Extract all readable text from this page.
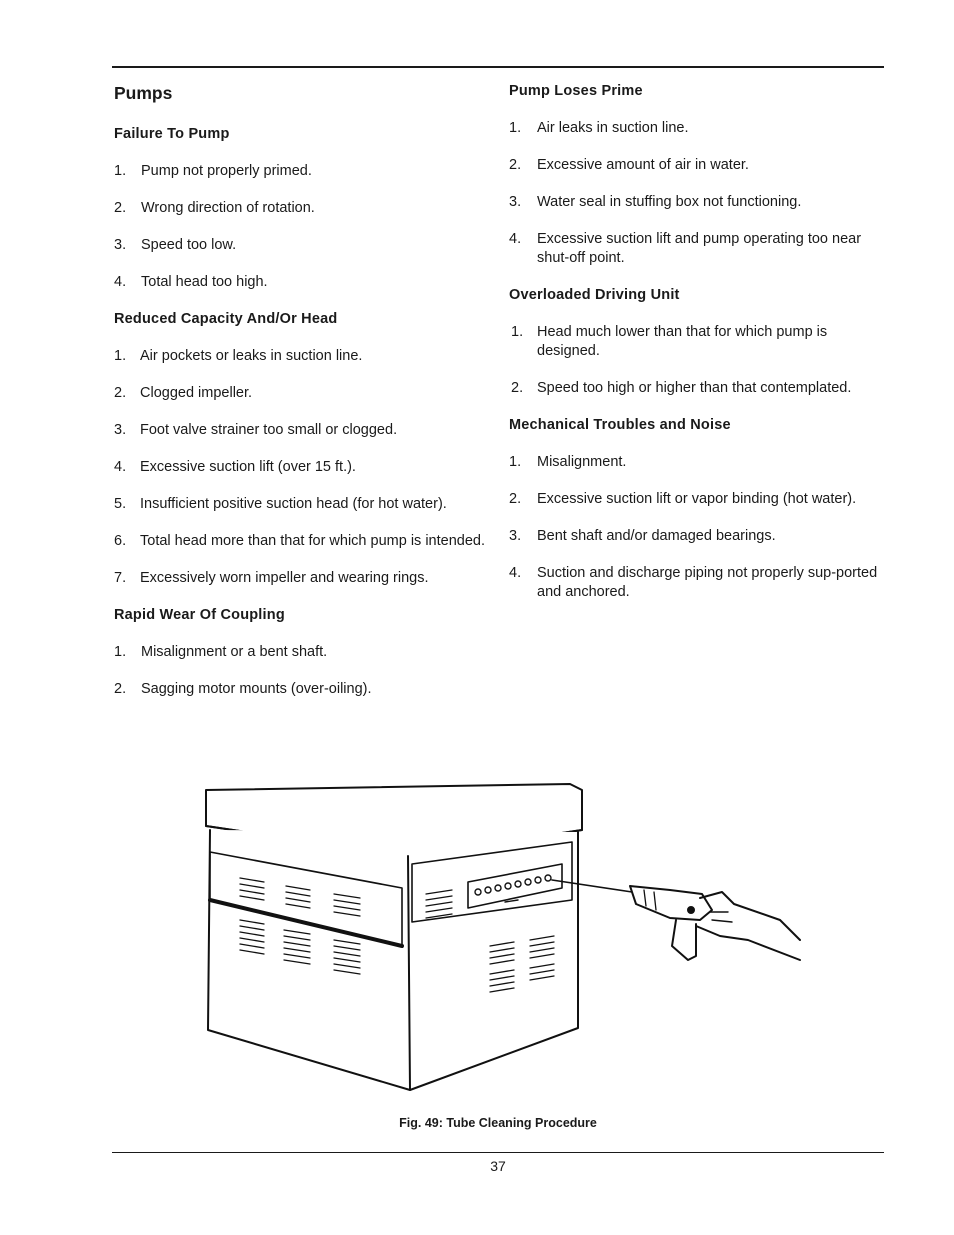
Pumps
Failure To Pump
1. Pump not properly primed.
2. Wrong direction of rotation.
3. Speed too low.
4. Total head too high.
Reduced Capacity And/Or Head
1. Air pockets or leaks in suction line.
2. Clogged impeller.
3. Foot valve strainer too small or clogged.
4. Excessive suction lift (over 15 ft.).
5. Insufficient positive suction head (for hot water).
6. Total head more than that for which pump is intended.
7. Excessively worn impeller and wearing rings.
Rapid Wear Of Coupling
1. Misalignment or a bent shaft.
2. Sagging motor mounts (over-oiling).
Pump Loses Prime
1. Air leaks in suction line.
2. Excessive amount of air in water.
3. Water seal in stuffing box not functioning.
4. Excessive suction lift and pump operating too near shut-off point.
Overloaded Driving Unit
1. Head much lower than that for which pump is designed.
2. Speed too high or higher than that contemplated.
Mechanical Troubles and Noise
1. Misalignment.
2. Excessive suction lift or vapor binding (hot water).
3. Bent shaft and/or damaged bearings.
4. Suction and discharge piping not properly sup-ported and anchored.
Fig. 49: Tube Cleaning Procedure
37
